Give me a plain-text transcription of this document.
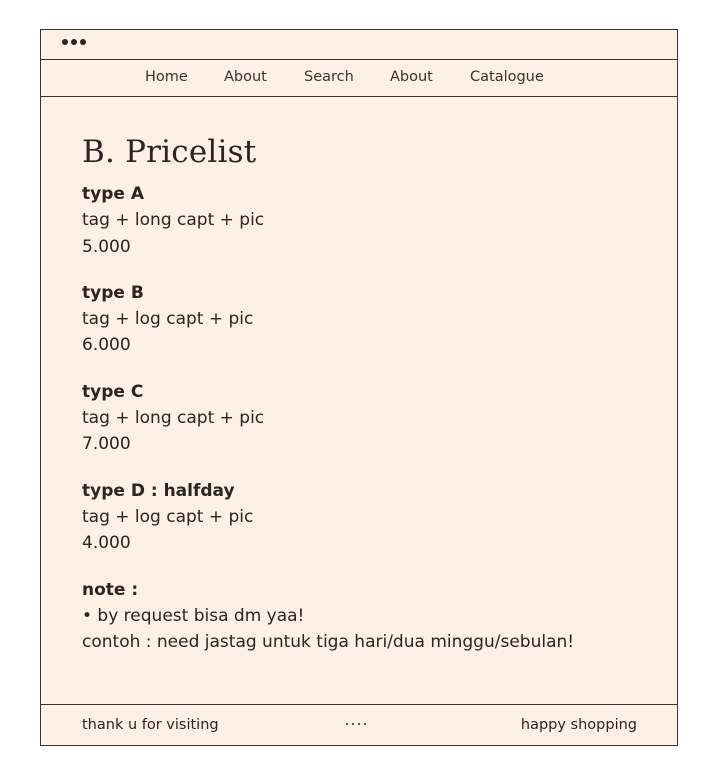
Home About	Search About	Catalogue
B. Pricelist
type A
tag + long capt + pic
5.000
type B
tag + log capt + pic
6.000
type C
tag + long capt + pic
7.000
type D : halfday
tag + log capt + pic
4.000
note :
• by request bisa dm yaa!
contoh : need jastag untuk tiga hari/dua minggu/sebulan!
thank u for visiting	happy shopping
